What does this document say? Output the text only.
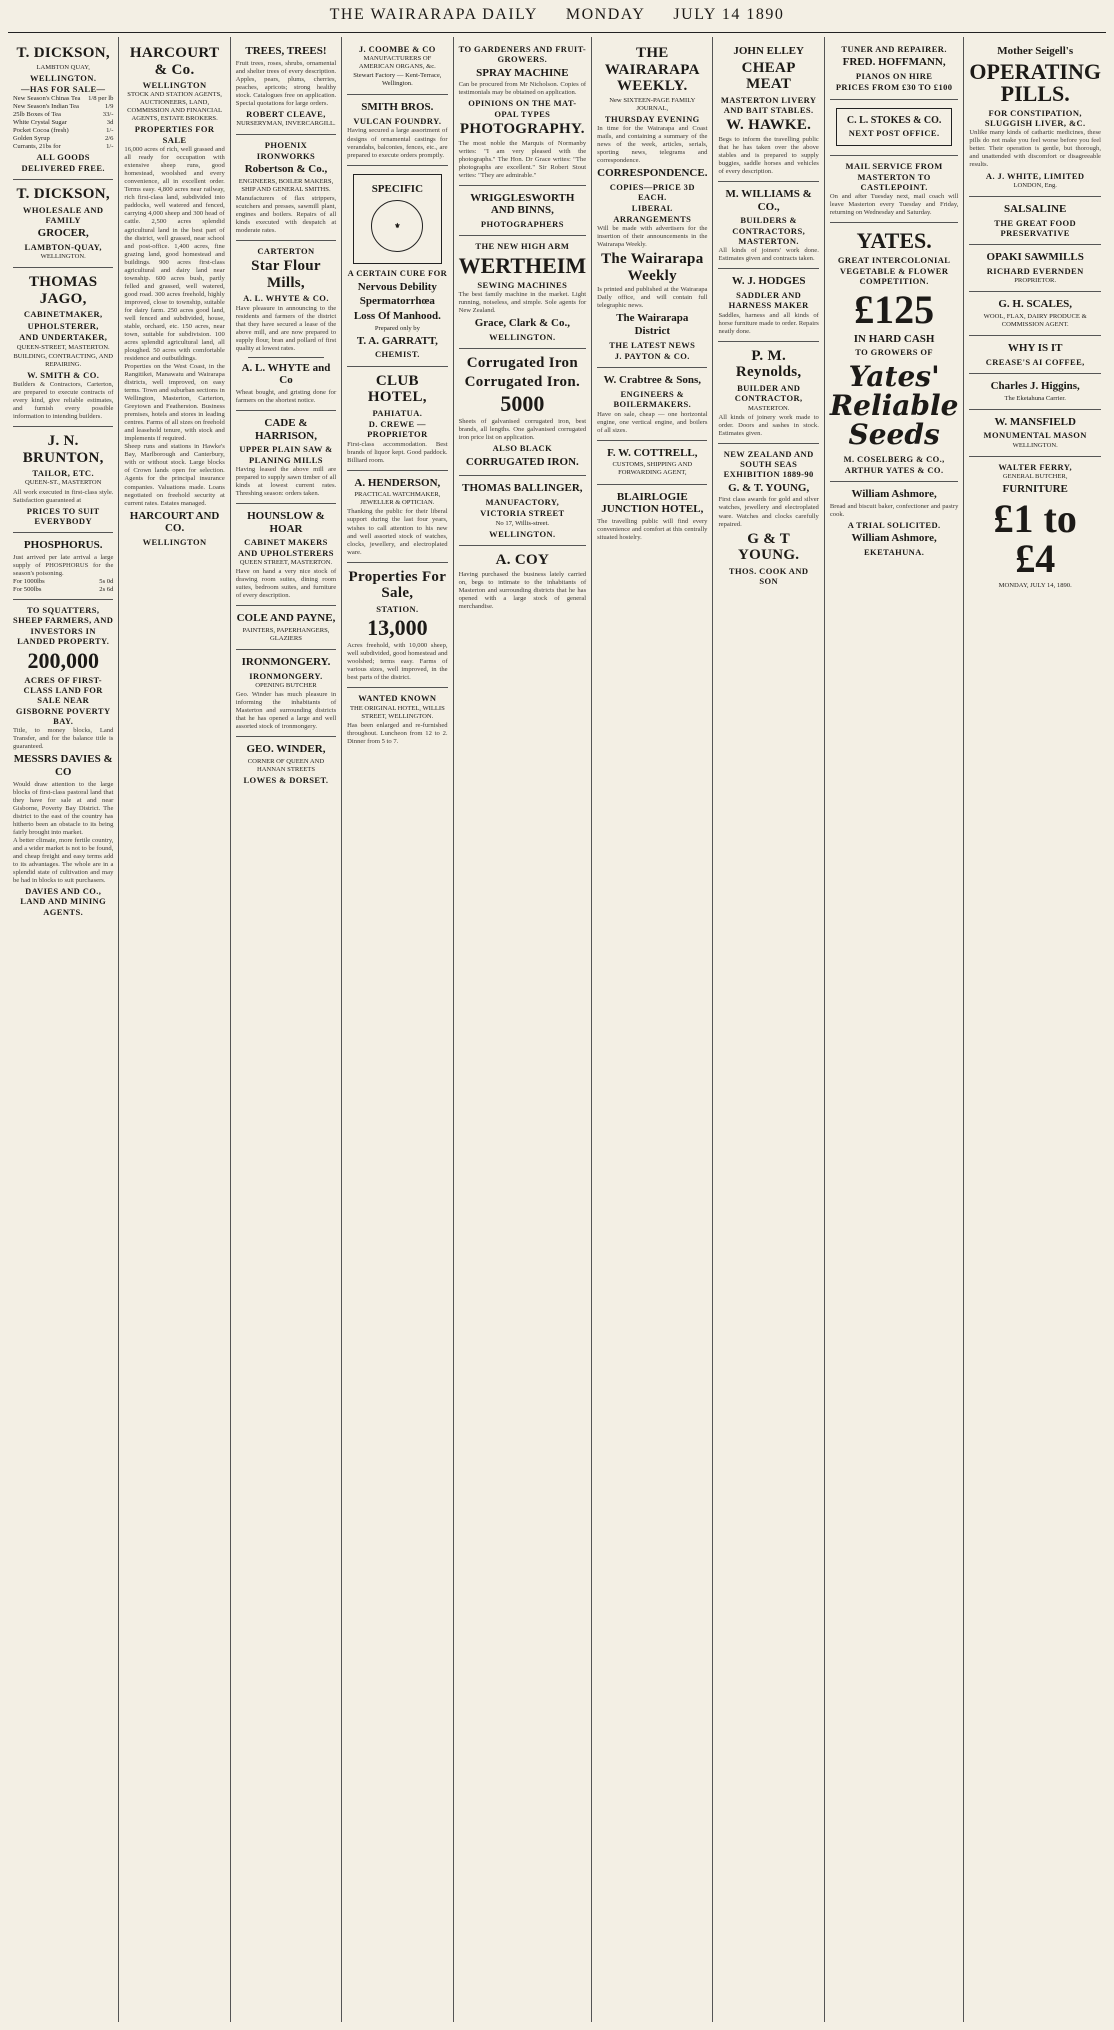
THE WAIRARAPA DAILY MONDAY JULY 14 1890
T. DICKSON,
LAMBTON QUAY,
WELLINGTON.
—HAS FOR SALE—
New Season's Chinas Tea 1/8 per lb
New Season's Indian Tea	1/9
25lb Boxes of Tea	33/-
White Crystal Sugar	3d
Pocket Cocoa (fresh)	1/-
Golden Syrup	2/6
Currants, 21bs for	1/-
ALL GOODS DELIVERED FREE.
T. DICKSON,
WHOLESALE AND FAMILY
GROCER,
LAMBTON-QUAY,
WELLINGTON.
THOMAS JAGO,
CABINETMAKER,
UPHOLSTERER,
AND UNDERTAKER,
QUEEN-STREET, MASTERTON.
BUILDING, CONTRACTING, AND REPAIRING.
W. SMITH & CO.
Builders & Contractors, Carterton, are prepared to execute contracts of every kind, give reliable estimates, and furnish every possible information to intending builders.
J. N. BRUNTON,
TAILOR, ETC.
QUEEN-ST., MASTERTON
All work executed in first-class style. Satisfaction guaranteed at
PRICES TO SUIT EVERYBODY
PHOSPHORUS.
Just arrived per late arrival a large supply of PHOSPHORUS for the season's poisoning.
For 1000lbs	5s 0d
For 500lbs	2s 6d
TO SQUATTERS, SHEEP FARMERS, AND INVESTORS IN LANDED PROPERTY.
200,000
ACRES OF FIRST-CLASS LAND FOR SALE NEAR GISBORNE POVERTY BAY.
Title, to money blocks, Land Transfer, and for the balance title is guaranteed.
MESSRS DAVIES & CO
Would draw attention to the large blocks of first-class pastoral land that they have for sale at and near Gisborne, Poverty Bay District. The district to the east of the country has hitherto been an obstacle to its being fairly brought into market.
A better climate, more fertile country, and a wider market is not to be found, and cheap freight and easy terms add to its advantages. The whole are in a splendid state of cultivation and may be had in blocks to suit purchasers.
DAVIES AND CO., LAND AND MINING AGENTS.
HARCOURT & Co.
WELLINGTON
STOCK AND STATION AGENTS, AUCTIONEERS, LAND, COMMISSION AND FINANCIAL AGENTS, ESTATE BROKERS.
PROPERTIES FOR SALE
16,000 acres of rich, well grassed and all ready for occupation with extensive sheep runs, good homestead, woolshed and every convenience, all in excellent order. Terms easy. 4,800 acres near railway, rich first-class land, subdivided into paddocks, well watered and fenced, carrying 4,000 sheep and 300 head of cattle. 2,500 acres splendid agricultural land in the best part of the district, well grassed, near school and post-office. 1,400 acres, fine grazing land, good homestead and buildings. 900 acres first-class agricultural and dairy land near township. 600 acres bush, partly felled and grassed, well watered, good road. 300 acres freehold, highly improved, close to township, suitable for dairy farm. 250 acres good land, well fenced and subdivided, house, stable, orchard, etc. 150 acres, near town, suitable for subdivision. 100 acres splendid agricultural land, all ploughed. 50 acres with comfortable residence and outbuildings.
Properties on the West Coast, in the Rangitikei, Manawatu and Wairarapa districts, well improved, on easy terms. Town and suburban sections in Wellington, Masterton, Carterton, Greytown and Featherston. Business premises, hotels and stores in leading centres. Farms of all sizes on freehold and leasehold tenure, with stock and implements if required.
Sheep runs and stations in Hawke's Bay, Marlborough and Canterbury, with or without stock. Large blocks of Crown lands open for selection. Agents for the principal insurance companies. Valuations made. Loans negotiated on freehold security at current rates. Estates managed.
HARCOURT AND CO.
WELLINGTON
TREES, TREES!
Fruit trees, roses, shrubs, ornamental and shelter trees of every description. Apples, pears, plums, cherries, peaches, apricots; strong healthy stock. Catalogues free on application. Special quotations for large orders.
ROBERT CLEAVE,
NURSERYMAN, INVERCARGILL.
PHOENIX IRONWORKS
Robertson & Co.,
ENGINEERS, BOILER MAKERS, SHIP AND GENERAL SMITHS.
Manufacturers of flax strippers, scutchers and presses, sawmill plant, engines and boilers. Repairs of all kinds executed with despatch at moderate rates.
CARTERTON
Star Flour Mills,
A. L. WHYTE & CO.
Have pleasure in announcing to the residents and farmers of the district that they have secured a lease of the above mill, and are now prepared to supply flour, bran and pollard of first quality at lowest rates.
A. L. WHYTE and Co
Wheat bought, and gristing done for farmers on the shortest notice.
CADE & HARRISON,
UPPER PLAIN SAW & PLANING MILLS
Having leased the above mill are prepared to supply sawn timber of all kinds at lowest current rates. Threshing season: orders taken.
HOUNSLOW & HOAR
CABINET MAKERS AND UPHOLSTERERS
QUEEN STREET, MASTERTON.
Have on hand a very nice stock of drawing room suites, dining room suites, bedroom suites, and furniture of every description.
COLE AND PAYNE,
PAINTERS, PAPERHANGERS, GLAZIERS
IRONMONGERY.
IRONMONGERY.
OPENING BUTCHER
Geo. Winder has much pleasure in informing the inhabitants of Masterton and surrounding districts that he has opened a large and well assorted stock of ironmongery.
GEO. WINDER,
CORNER OF QUEEN AND HANNAN STREETS
LOWES & DORSET.
J. COOMBE & CO
MANUFACTURERS OF AMERICAN ORGANS, &c.
Stewart Factory — Kent-Terrace, Wellington.
SMITH BROS.
VULCAN FOUNDRY.
Having secured a large assortment of designs of ornamental castings for verandahs, balconies, fences, etc., are prepared to execute orders promptly.
SPECIFIC
⚜
A CERTAIN CURE FOR
Nervous Debility
Spermatorrhœa
Loss Of Manhood.
Prepared only by
T. A. GARRATT,
CHEMIST.
CLUB HOTEL,
PAHIATUA.
D. CREWE — PROPRIETOR
First-class accommodation. Best brands of liquor kept. Good paddock. Billiard room.
A. HENDERSON,
PRACTICAL WATCHMAKER, JEWELLER & OPTICIAN.
Thanking the public for their liberal support during the last four years, wishes to call attention to his new and well assorted stock of watches, clocks, jewellery, and electroplated ware.
Properties For Sale,
STATION.
13,000
Acres freehold, with 10,000 sheep, well subdivided, good homestead and woolshed; terms easy. Farms of various sizes, well improved, in the best parts of the district.
WANTED KNOWN
THE ORIGINAL HOTEL, WILLIS STREET, WELLINGTON.
Has been enlarged and re-furnished throughout. Luncheon from 12 to 2. Dinner from 5 to 7.
TO GARDENERS AND FRUIT-GROWERS.
SPRAY MACHINE
Can be procured from Mr Nicholson. Copies of testimonials may be obtained on application.
OPINIONS ON THE MAT-OPAL TYPES
PHOTOGRAPHY.
The most noble the Marquis of Normanby writes: "I am very pleased with the photographs." The Hon. Dr Grace writes: "The photographs are excellent." Sir Robert Stout writes: "They are admirable."
WRIGGLESWORTH AND BINNS,
PHOTOGRAPHERS
THE NEW HIGH ARM
WERTHEIM
SEWING MACHINES
The best family machine in the market. Light running, noiseless, and simple. Sole agents for New Zealand.
Grace, Clark & Co.,
WELLINGTON.
Corrugated Iron
Corrugated Iron.
5000
Sheets of galvanised corrugated iron, best brands, all lengths. One galvanised corrugated iron price list on application.
ALSO BLACK
CORRUGATED IRON.
THOMAS BALLINGER,
MANUFACTORY,
VICTORIA STREET
No 17, Willis-street.
WELLINGTON.
A. COY
Having purchased the business lately carried on, begs to intimate to the inhabitants of Masterton and surrounding districts that he has opened with a large stock of general merchandise.
THE WAIRARAPA WEEKLY.
New SIXTEEN-PAGE FAMILY JOURNAL,
THURSDAY EVENING
In time for the Wairarapa and Coast mails, and containing a summary of the news of the week, articles, serials, sporting news, telegrams and correspondence.
CORRESPONDENCE.
COPIES—PRICE 3D EACH.
LIBERAL ARRANGEMENTS
Will be made with advertisers for the insertion of their announcements in the Wairarapa Weekly.
The Wairarapa Weekly
Is printed and published at the Wairarapa Daily office, and will contain full telegraphic news.
The Wairarapa District
THE LATEST NEWS
J. PAYTON & CO.
W. Crabtree & Sons,
ENGINEERS & BOILERMAKERS.
Have on sale, cheap — one horizontal engine, one vertical engine, and boilers of all sizes.
F. W. COTTRELL,
CUSTOMS, SHIPPING AND FORWARDING AGENT,
BLAIRLOGIE JUNCTION HOTEL,
The travelling public will find every convenience and comfort at this centrally situated hostelry.
JOHN ELLEY
CHEAP MEAT
MASTERTON LIVERY AND BAIT STABLES.
W. HAWKE.
Begs to inform the travelling public that he has taken over the above stables and is prepared to supply buggies, saddle horses and vehicles of every description.
M. WILLIAMS & CO.,
BUILDERS & CONTRACTORS, MASTERTON.
All kinds of joiners' work done. Estimates given and contracts taken.
W. J. HODGES
SADDLER AND HARNESS MAKER
Saddles, harness and all kinds of horse furniture made to order. Repairs neatly done.
P. M. Reynolds,
BUILDER AND CONTRACTOR,
MASTERTON.
All kinds of joinery work made to order. Doors and sashes in stock. Estimates given.
NEW ZEALAND AND SOUTH SEAS EXHIBITION 1889-90
G. & T. YOUNG,
First class awards for gold and silver watches, jewellery and electroplated ware. Watches and clocks carefully repaired.
G & T YOUNG.
THOS. COOK AND SON
TUNER AND REPAIRER.
FRED. HOFFMANN,
PIANOS ON HIRE
PRICES FROM £30 TO £100
C. L. STOKES & CO.
NEXT POST OFFICE.
MAIL SERVICE FROM MASTERTON TO CASTLEPOINT.
On and after Tuesday next, mail coach will leave Masterton every Tuesday and Friday, returning on Wednesday and Saturday.
YATES.
GREAT INTERCOLONIAL VEGETABLE & FLOWER COMPETITION.
£125
IN HARD CASH
TO GROWERS OF
Yates' Reliable Seeds
M. COSELBERG & CO.,
ARTHUR YATES & CO.
William Ashmore,
Bread and biscuit baker, confectioner and pastry cook.
A TRIAL SOLICITED.
William Ashmore,
EKETAHUNA.
Mother Seigell's
OPERATING PILLS.
FOR CONSTIPATION, SLUGGISH LIVER, &C.
Unlike many kinds of cathartic medicines, these pills do not make you feel worse before you feel better. Their operation is gentle, but thorough, and unattended with discomfort or disagreeable results.
A. J. WHITE, LIMITED
LONDON, Eng.
SALSALINE
THE GREAT FOOD PRESERVATIVE
OPAKI SAWMILLS
RICHARD EVERNDEN
PROPRIETOR.
G. H. SCALES,
WOOL, FLAX, DAIRY PRODUCE & COMMISSION AGENT.
WHY IS IT
CREASE'S AI COFFEE,
Charles J. Higgins,
The Eketahuna Carrier.
W. MANSFIELD
MONUMENTAL MASON
WELLINGTON.
WALTER FERRY,
GENERAL BUTCHER,
FURNITURE
£1 to £4
MONDAY, JULY 14, 1890.
